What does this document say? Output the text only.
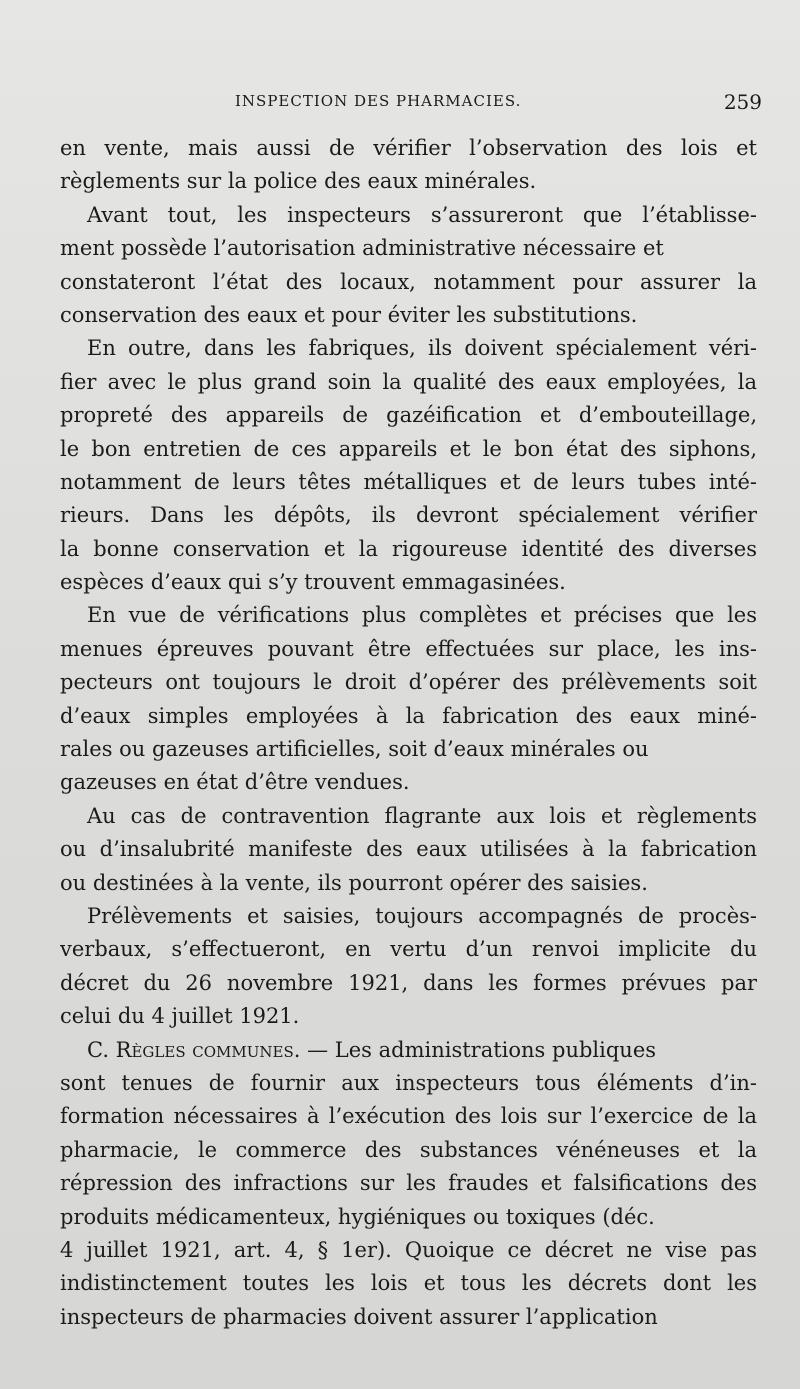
INSPECTION DES PHARMACIES.	259
en vente, mais aussi de vérifier l’observation des lois et
règlements sur la police des eaux minérales.
Avant tout, les inspecteurs s’assureront que l’établisse-
ment possède l’autorisation administrative nécessaire et
constateront l’état des locaux, notamment pour assurer la
conservation des eaux et pour éviter les substitutions.
En outre, dans les fabriques, ils doivent spécialement véri-
fier avec le plus grand soin la qualité des eaux employées, la
propreté des appareils de gazéification et d’embouteillage,
le bon entretien de ces appareils et le bon état des siphons,
notamment de leurs têtes métalliques et de leurs tubes inté-
rieurs. Dans les dépôts, ils devront spécialement vérifier
la bonne conservation et la rigoureuse identité des diverses
espèces d’eaux qui s’y trouvent emmagasinées.
En vue de vérifications plus complètes et précises que les
menues épreuves pouvant être effectuées sur place, les ins-
pecteurs ont toujours le droit d’opérer des prélèvements soit
d’eaux simples employées à la fabrication des eaux miné-
rales ou gazeuses artificielles, soit d’eaux minérales ou
gazeuses en état d’être vendues.
Au cas de contravention flagrante aux lois et règlements
ou d’insalubrité manifeste des eaux utilisées à la fabrication
ou destinées à la vente, ils pourront opérer des saisies.
Prélèvements et saisies, toujours accompagnés de procès-
verbaux, s’effectueront, en vertu d’un renvoi implicite du
décret du 26 novembre 1921, dans les formes prévues par
celui du 4 juillet 1921.
C. Règles communes. — Les administrations publiques
sont tenues de fournir aux inspecteurs tous éléments d’in-
formation nécessaires à l’exécution des lois sur l’exercice de la
pharmacie, le commerce des substances vénéneuses et la
répression des infractions sur les fraudes et falsifications des
produits médicamenteux, hygiéniques ou toxiques (déc.
4 juillet 1921, art. 4, § 1er). Quoique ce décret ne vise pas
indistinctement toutes les lois et tous les décrets dont les
inspecteurs de pharmacies doivent assurer l’application
